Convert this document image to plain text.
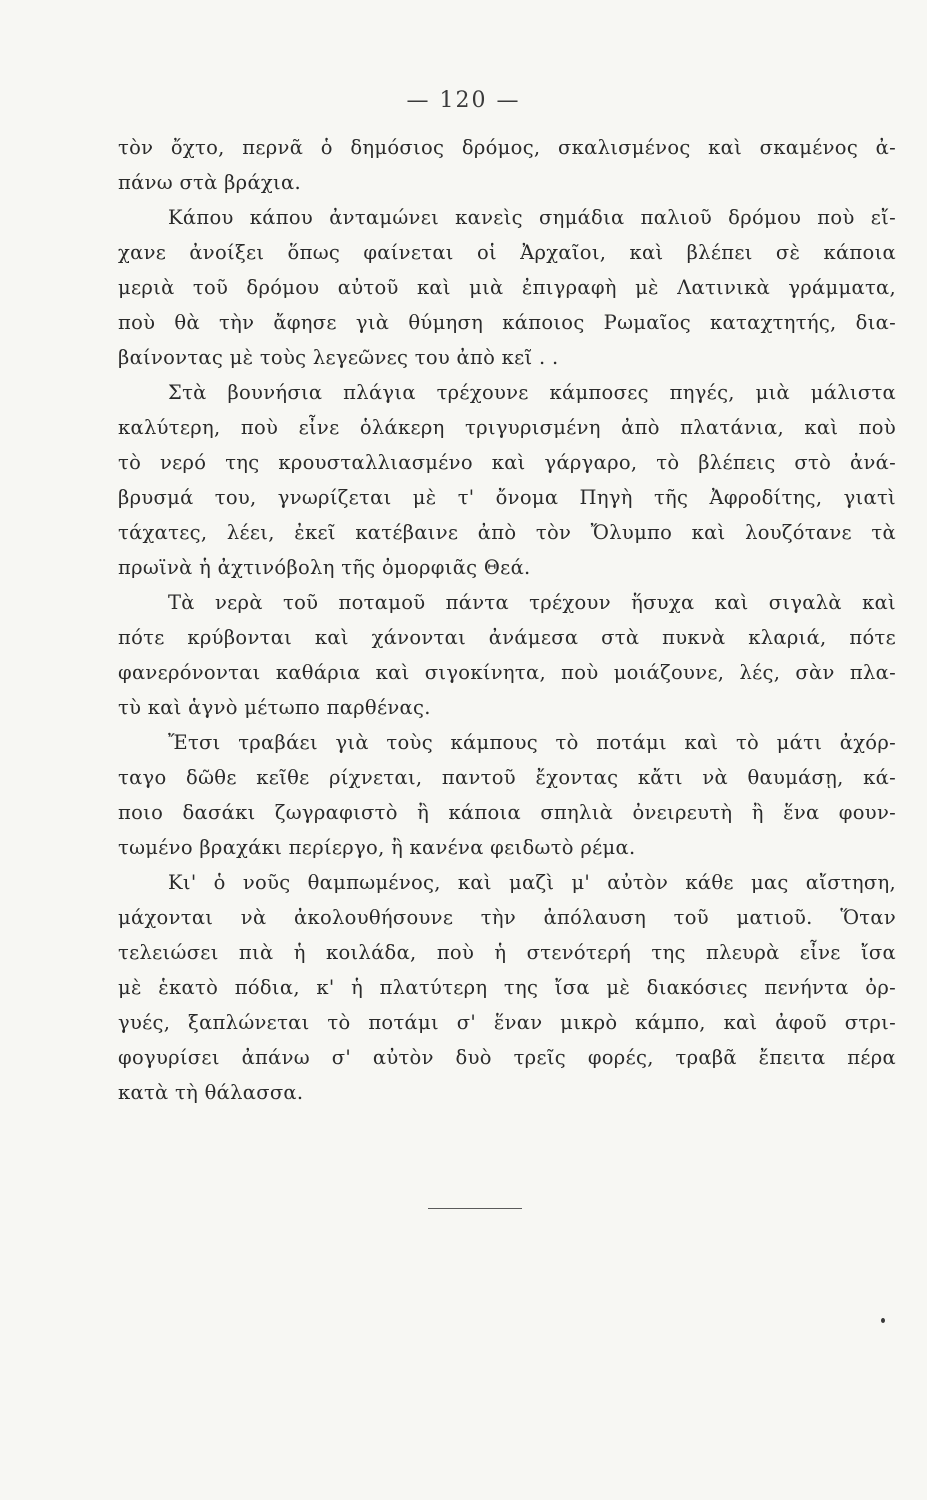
— 120 —
τὸν ὄχτο, περνᾶ ὁ δημόσιος δρόμος, σκαλισμένος καὶ σκαμένος ἀ-
πάνω στὰ βράχια.
Κάπου κάπου ἀνταμώνει κανεὶς σημάδια παλιοῦ δρόμου ποὺ εἴ-
χανε ἀνοίξει ὅπως φαίνεται οἱ Ἀρχαῖοι, καὶ βλέπει σὲ κάποια
μεριὰ τοῦ δρόμου αὐτοῦ καὶ μιὰ ἐπιγραφὴ μὲ Λατινικὰ γράμματα,
ποὺ θὰ τὴν ἄφησε γιὰ θύμηση κάποιος Ρωμαῖος καταχτητής, δια-
βαίνοντας μὲ τοὺς λεγεῶνες του ἀπὸ κεῖ . .
Στὰ βουνήσια πλάγια τρέχουνε κάμποσες πηγές, μιὰ μάλιστα
καλύτερη, ποὺ εἶνε ὁλάκερη τριγυρισμένη ἀπὸ πλατάνια, καὶ ποὺ
τὸ νερό της κρουσταλλιασμένο καὶ γάργαρο, τὸ βλέπεις στὸ ἀνά-
βρυσμά του, γνωρίζεται μὲ τ' ὄνομα Πηγὴ τῆς Ἀφροδίτης, γιατὶ
τάχατες, λέει, ἐκεῖ κατέβαινε ἀπὸ τὸν Ὄλυμπο καὶ λουζότανε τὰ
πρωϊνὰ ἡ ἀχτινόβολη τῆς ὀμορφιᾶς Θεά.
Τὰ νερὰ τοῦ ποταμοῦ πάντα τρέχουν ἥσυχα καὶ σιγαλὰ καὶ
πότε κρύβονται καὶ χάνονται ἀνάμεσα στὰ πυκνὰ κλαριά, πότε
φανερόνονται καθάρια καὶ σιγοκίνητα, ποὺ μοιάζουνε, λές, σὰν πλα-
τὺ καὶ ἁγνὸ μέτωπο παρθένας.
Ἔτσι τραβάει γιὰ τοὺς κάμπους τὸ ποτάμι καὶ τὸ μάτι ἀχόρ-
ταγο δῶθε κεῖθε ρίχνεται, παντοῦ ἔχοντας κἄτι νὰ θαυμάσῃ, κά-
ποιο δασάκι ζωγραφιστὸ ἢ κάποια σπηλιὰ ὀνειρευτὴ ἢ ἕνα φουν-
τωμένο βραχάκι περίεργο, ἢ κανένα φειδωτὸ ρέμα.
Κι' ὁ νοῦς θαμπωμένος, καὶ μαζὶ μ' αὐτὸν κάθε μας αἴστηση,
μάχονται νὰ ἀκολουθήσουνε τὴν ἀπόλαυση τοῦ ματιοῦ. Ὅταν
τελειώσει πιὰ ἡ κοιλάδα, ποὺ ἡ στενότερή της πλευρὰ εἶνε ἴσα
μὲ ἑκατὸ πόδια, κ' ἡ πλατύτερη της ἴσα μὲ διακόσιες πενήντα ὀρ-
γυές, ξαπλώνεται τὸ ποτάμι σ' ἕναν μικρὸ κάμπο, καὶ ἀφοῦ στρι-
φογυρίσει ἀπάνω σ' αὐτὸν δυὸ τρεῖς φορές, τραβᾶ ἔπειτα πέρα
κατὰ τὴ θάλασσα.
